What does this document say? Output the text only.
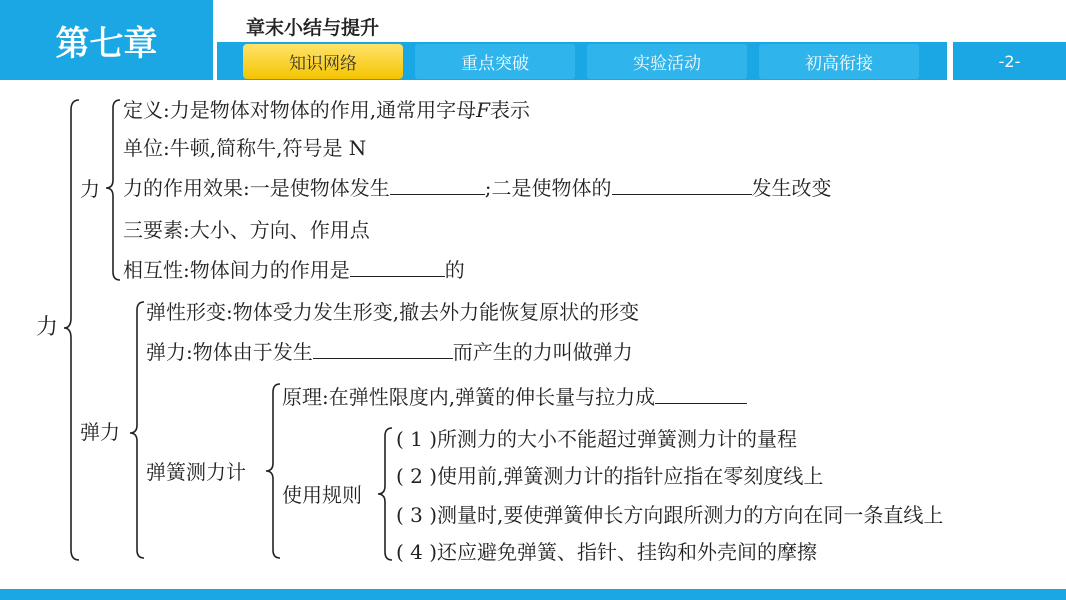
第七章	章末小结与提升
知识网络	重点突破	实验活动	初高衔接	-2-
力
力
定义:力是物体对物体的作用,通常用字母F表示
单位:牛顿,简称牛,符号是 N
力的作用效果:一是使物体发生	;二是使物体的	发生改变
三要素:大小、方向、作用点
相互性:物体间力的作用是	的
弹力
弹性形变:物体受力发生形变,撤去外力能恢复原状的形变
弹力:物体由于发生	而产生的力叫做弹力
弹簧测力计
原理:在弹性限度内,弹簧的伸长量与拉力成
使用规则
( 1 )所测力的大小不能超过弹簧测力计的量程
( 2 )使用前,弹簧测力计的指针应指在零刻度线上
( 3 )测量时,要使弹簧伸长方向跟所测力的方向在同一条直线上
( 4 )还应避免弹簧、指针、挂钩和外壳间的摩擦
